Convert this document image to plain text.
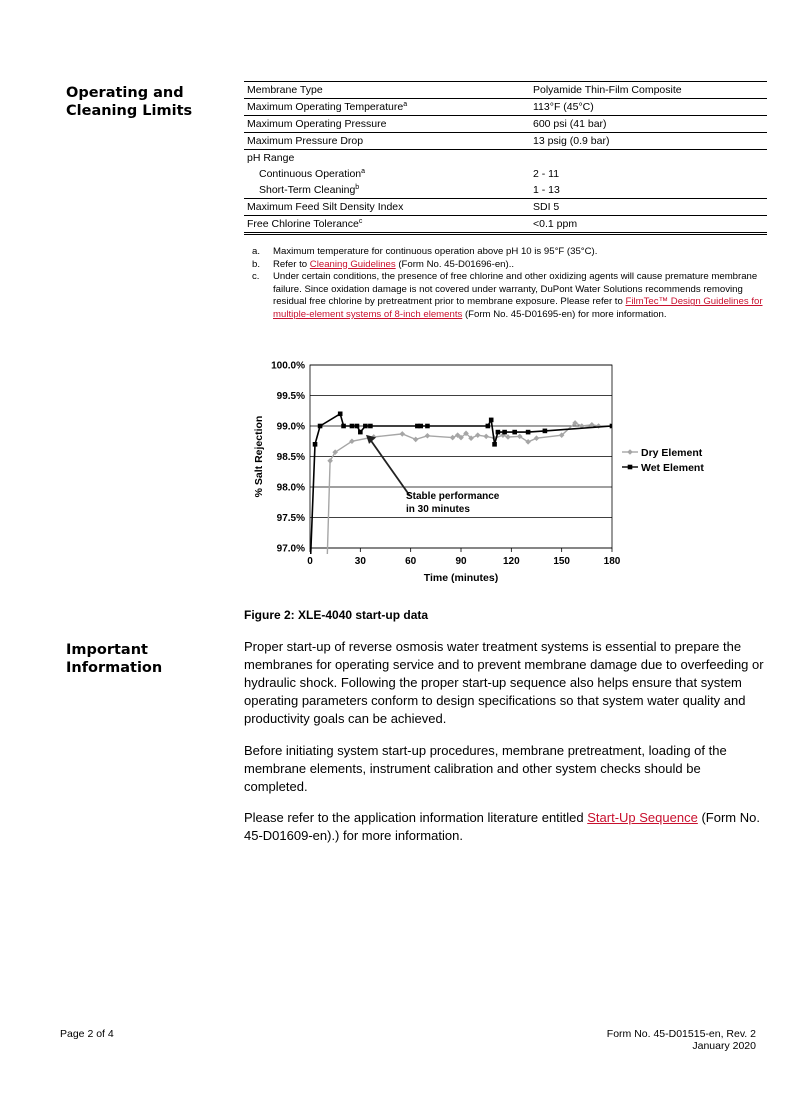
Operating and
Cleaning Limits
Membrane Type	Polyamide Thin-Film Composite
Maximum Operating Temperature$^a$	113°F (45°C)
Maximum Operating Pressure	600 psi (41 bar)
Maximum Pressure Drop	13 psig (0.9 bar)
pH Range	
Continuous Operation$^a$	2 - 11
Short-Term Cleaning$^b$	1 - 13
Maximum Feed Silt Density Index	SDI 5
Free Chlorine Tolerance$^c$	<0.1 ppm
a. Maximum temperature for continuous operation above pH 10 is 95°F (35°C).
b. Refer to Cleaning Guidelines (Form No. 45-D01696-en)..
c. Under certain conditions, the presence of free chlorine and other oxidizing agents will cause premature membrane failure. Since oxidation damage is not covered under warranty, DuPont Water Solutions recommends removing residual free chlorine by pretreatment prior to membrane exposure. Please refer to FilmTec™ Design Guidelines for multiple-element systems of 8-inch elements (Form No. 45-D01695-en) for more information.
97.0%
97.5%
98.0%
98.5%
99.0%
99.5%
100.0%
0	30	60	90	120	150	180
Time (minutes)
% Salt Rejection	Stable performance
in 30 minutes
Dry Element
Wet Element

Figure 2: XLE-4040 start-up data

Important
Information

Proper start-up of reverse osmosis water treatment systems is essential to prepare the membranes for operating service and to prevent membrane damage due to overfeeding or hydraulic shock. Following the proper start-up sequence also helps ensure that system operating parameters conform to design specifications so that system water quality and productivity goals can be achieved.

Before initiating system start-up procedures, membrane pretreatment, loading of the membrane elements, instrument calibration and other system checks should be completed.

Please refer to the application information literature entitled Start-Up Sequence (Form No. 45-D01609-en).) for more information.

Page 2 of 4	Form No. 45-D01515-en, Rev. 2
January 2020
